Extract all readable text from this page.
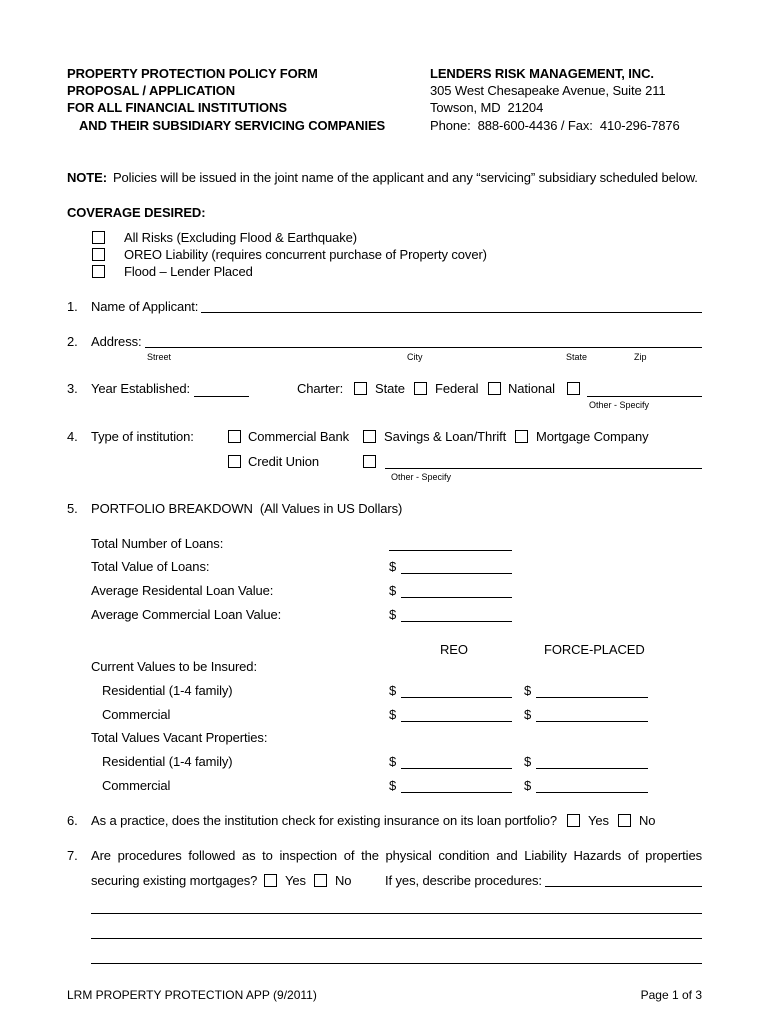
PROPERTY PROTECTION POLICY FORM
PROPOSAL / APPLICATION
FOR ALL FINANCIAL INSTITUTIONS
AND THEIR SUBSIDIARY SERVICING COMPANIES
LENDERS RISK MANAGEMENT, INC.
305 West Chesapeake Avenue, Suite 211
Towson, MD  21204
Phone:  888-600-4436 / Fax:  410-296-7876
NOTE: Policies will be issued in the joint name of the applicant and any “servicing” subsidiary scheduled below.
COVERAGE DESIRED:
All Risks (Excluding Flood & Earthquake)
OREO Liability (requires concurrent purchase of Property cover)
Flood – Lender Placed
1. Name of Applicant:
2. Address:
Street	City	State	Zip
3. Year Established:	Charter: State Federal National
Other - Specify
4. Type of institution:	Commercial Bank	Savings & Loan/Thrift Mortgage Company
Credit Union
Other - Specify
5. PORTFOLIO BREAKDOWN  (All Values in US Dollars)
Total Number of Loans:
Total Value of Loans:	$
Average Residental Loan Value:	$
Average Commercial Loan Value:	$
REO	FORCE-PLACED
Current Values to be Insured:
Residential (1-4 family)	$	$
Commercial	$	$
Total Values Vacant Properties:
Residential (1-4 family)	$	$
Commercial	$	$
6. As a practice, does the institution check for existing insurance on its loan portfolio? Yes No
7. Are procedures followed as to inspection of the physical condition and Liability Hazards of properties
securing existing mortgages? Yes No	If yes, describe procedures:
LRM PROPERTY PROTECTION APP (9/2011)	Page 1 of 3
